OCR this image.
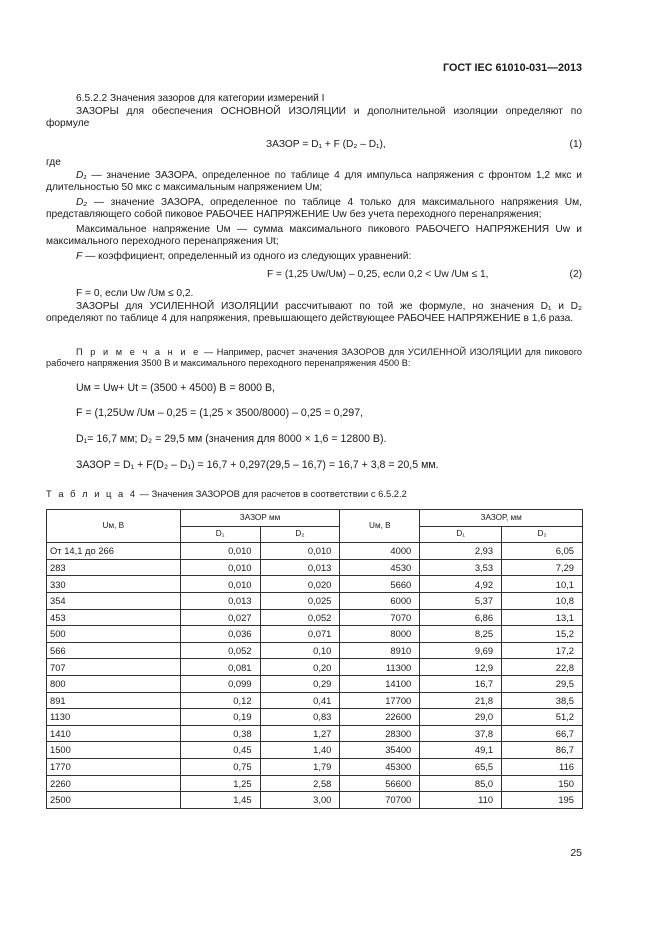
ГОСТ IEC 61010-031—2013

6.5.2.2 Значения зазоров для категории измерений I

ЗАЗОРЫ для обеспечения ОСНОВНОЙ ИЗОЛЯЦИИ и дополнительной изоляции определяют по формуле

ЗАЗОР = D₁ + F (D₂ – D₁),	(1)
где

D₁ — значение ЗАЗОРА, определенное по таблице 4 для импульса напряжения с фронтом 1,2 мкс и длительностью 50 мкс с максимальным напряжением Uм;

D₂ — значение ЗАЗОРА, определенное по таблице 4 только для максимального напряжения Uм, представляющего собой пиковое РАБОЧЕЕ НАПРЯЖЕНИЕ Uw без учета переходного перенапряжения;

Максимальное напряжение Uм — сумма максимального пикового РАБОЧЕГО НАПРЯЖЕНИЯ Uw и максимального переходного перенапряжения Ut;

F — коэффициент, определенный из одного из следующих уравнений:

F = (1,25 Uw/Uм) – 0,25, если 0,2 < Uw /Uм ≤ 1,	(2)

F = 0, если Uw /Uм ≤ 0,2.

ЗАЗОРЫ для УСИЛЕННОЙ ИЗОЛЯЦИИ рассчитывают по той же формуле, но значения D₁ и D₂ определяют по таблице 4 для напряжения, превышающего действующее РАБОЧЕЕ НАПРЯЖЕНИЕ в 1,6 раза.

П р и м е ч а н и е — Например, расчет значения ЗАЗОРОВ для УСИЛЕННОЙ ИЗОЛЯЦИИ для пикового рабочего напряжения 3500 В и максимального переходного перенапряжения 4500 В:

Uм = Uw+ Ut = (3500 + 4500) В = 8000 В,

F = (1,25Uw /Uм – 0,25 = (1,25 × 3500/8000) – 0,25 = 0,297,

D₁= 16,7 мм; D₂ = 29,5 мм (значения для 8000 × 1,6 = 12800 В).

ЗАЗОР = D₁ + F(D₂ – D₁) = 16,7 + 0,297(29,5 – 16,7) = 16,7 + 3,8 = 20,5 мм.

Т а б л и ц а 4 — Значения ЗАЗОРОВ для расчетов в соответствии с 6.5.2.2
Uм, В	ЗАЗОР мм		Uм, В	ЗАЗОР, мм	
	D₁	D₂		D₁	D₂
От 14,1 до 266	0,010	0,010	4000	2,93	6,05
283	0,010	0,013	4530	3,53	7,29
330	0,010	0,020	5660	4,92	10,1
354	0,013	0,025	6000	5,37	10,8
453	0,027	0,052	7070	6,86	13,1
500	0,036	0,071	8000	8,25	15,2
566	0,052	0,10	8910	9,69	17,2
707	0,081	0,20	11300	12,9	22,8
800	0,099	0,29	14100	16,7	29,5
891	0,12	0,41	17700	21,8	38,5
1130	0,19	0,83	22600	29,0	51,2
1410	0,38	1,27	28300	37,8	66,7
1500	0,45	1,40	35400	49,1	86,7
1770	0,75	1,79	45300	65,5	116
2260	1,25	2,58	56600	85,0	150
2500	1,45	3,00	70700	110	195
25
